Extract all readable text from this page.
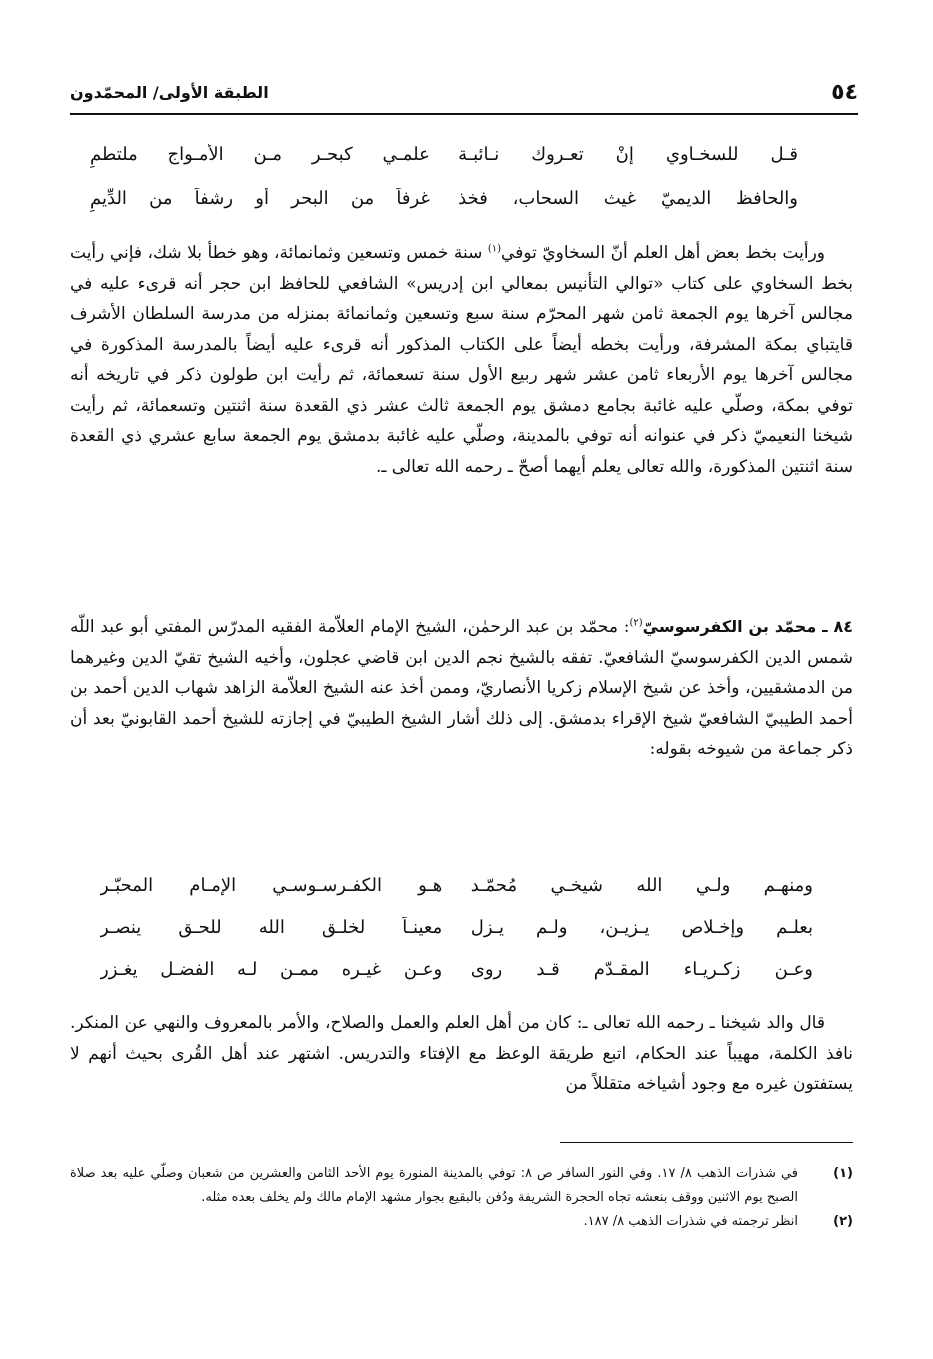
٥٤
الطبقة الأولى/ المحمّدون
قـل للسخـاوي إنْ تعـروك نـائبـة
علمـي كبحـر مـن الأمـواج ملتطمِ
والحافظ الديميّ غيث السحاب، فخذ
غرفاً من البحر أو رشفاً من الدِّيمِ

ورأيت بخط بعض أهل العلم أنّ السخاويّ توفي$^{(١)}$ سنة خمس وتسعين وثمانمائة، وهو خطأ بلا شك، فإني رأيت بخط السخاوي على كتاب «توالي التأنيس بمعالي ابن إدريس» الشافعي للحافظ ابن حجر أنه قرىء عليه في مجالس آخرها يوم الجمعة ثامن شهر المحرّم سنة سبع وتسعين وثمانمائة بمنزله من مدرسة السلطان الأشرف قايتباي بمكة المشرفة، ورأيت بخطه أيضاً على الكتاب المذكور أنه قرىء عليه أيضاً بالمدرسة المذكورة في مجالس آخرها يوم الأربعاء ثامن عشر شهر ربيع الأول سنة تسعمائة، ثم رأيت ابن طولون ذكر في تاريخه أنه توفي بمكة، وصلّي عليه غائبة بجامع دمشق يوم الجمعة ثالث عشر ذي القعدة سنة اثنتين وتسعمائة، ثم رأيت شيخنا النعيميّ ذكر في عنوانه أنه توفي بالمدينة، وصلّي عليه غائبة بدمشق يوم الجمعة سابع عشري ذي القعدة سنة اثنتين المذكورة، والله تعالى يعلم أيهما أصحّ ـ رحمه الله تعالى ـ.

٨٤ ـ محمّد بن الكفرسوسيّ$^{(٢)}$: محمّد بن عبد الرحمٰن، الشيخ الإمام العلاّمة الفقيه المدرّس المفتي أبو عبد اللّه شمس الدين الكفرسوسيّ الشافعيّ. تفقه بالشيخ نجم الدين ابن قاضي عجلون، وأخيه الشيخ تقيّ الدين وغيرهما من الدمشقيين، وأخذ عن شيخ الإسلام زكريا الأنصاريّ، وممن أخذ عنه الشيخ العلاّمة الزاهد شهاب الدين أحمد بن أحمد الطيبيّ الشافعيّ شيخ الإقراء بدمشق. إلى ذلك أشار الشيخ الطيبيّ في إجازته للشيخ أحمد القابونيّ بعد أن ذكر جماعة من شيوخه بقوله:

ومنهـم ولـي الله شيخـي مُحمّـد
هـو الكفـرسـوسـي الإمـام المحبّـر
بعلـم وإخـلاص يـزيـن، ولـم يـزل
معينـاً لخلـق الله للحـق ينصـر
وعـن زكـريـاء المقـدّم قـد روى
وعـن غيـره ممـن لـه الفضـل يغـزر

قال والد شيخنا ـ رحمه الله تعالى ـ: كان من أهل العلم والعمل والصلاح، والأمر بالمعروف والنهي عن المنكر. نافذ الكلمة، مهيباً عند الحكام، اتبع طريقة الوعظ مع الإفتاء والتدريس. اشتهر عند أهل القُرى بحيث أنهم لا يستفتون غيره مع وجود أشياخه متقللاً من

(١)
في شذرات الذهب ٨/ ١٧. وفي النور السافر ص ٨: توفي بالمدينة المنورة يوم الأحد الثامن والعشرين من شعبان وصلّي عليه بعد صلاة الصبح يوم الاثنين ووقف بنعشه تجاه الحجرة الشريفة ودُفن بالبقيع بجوار مشهد الإمام مالك ولم يخلف بعده مثله.

(٢)
انظر ترجمته في شذرات الذهب ٨/ ١٨٧.
